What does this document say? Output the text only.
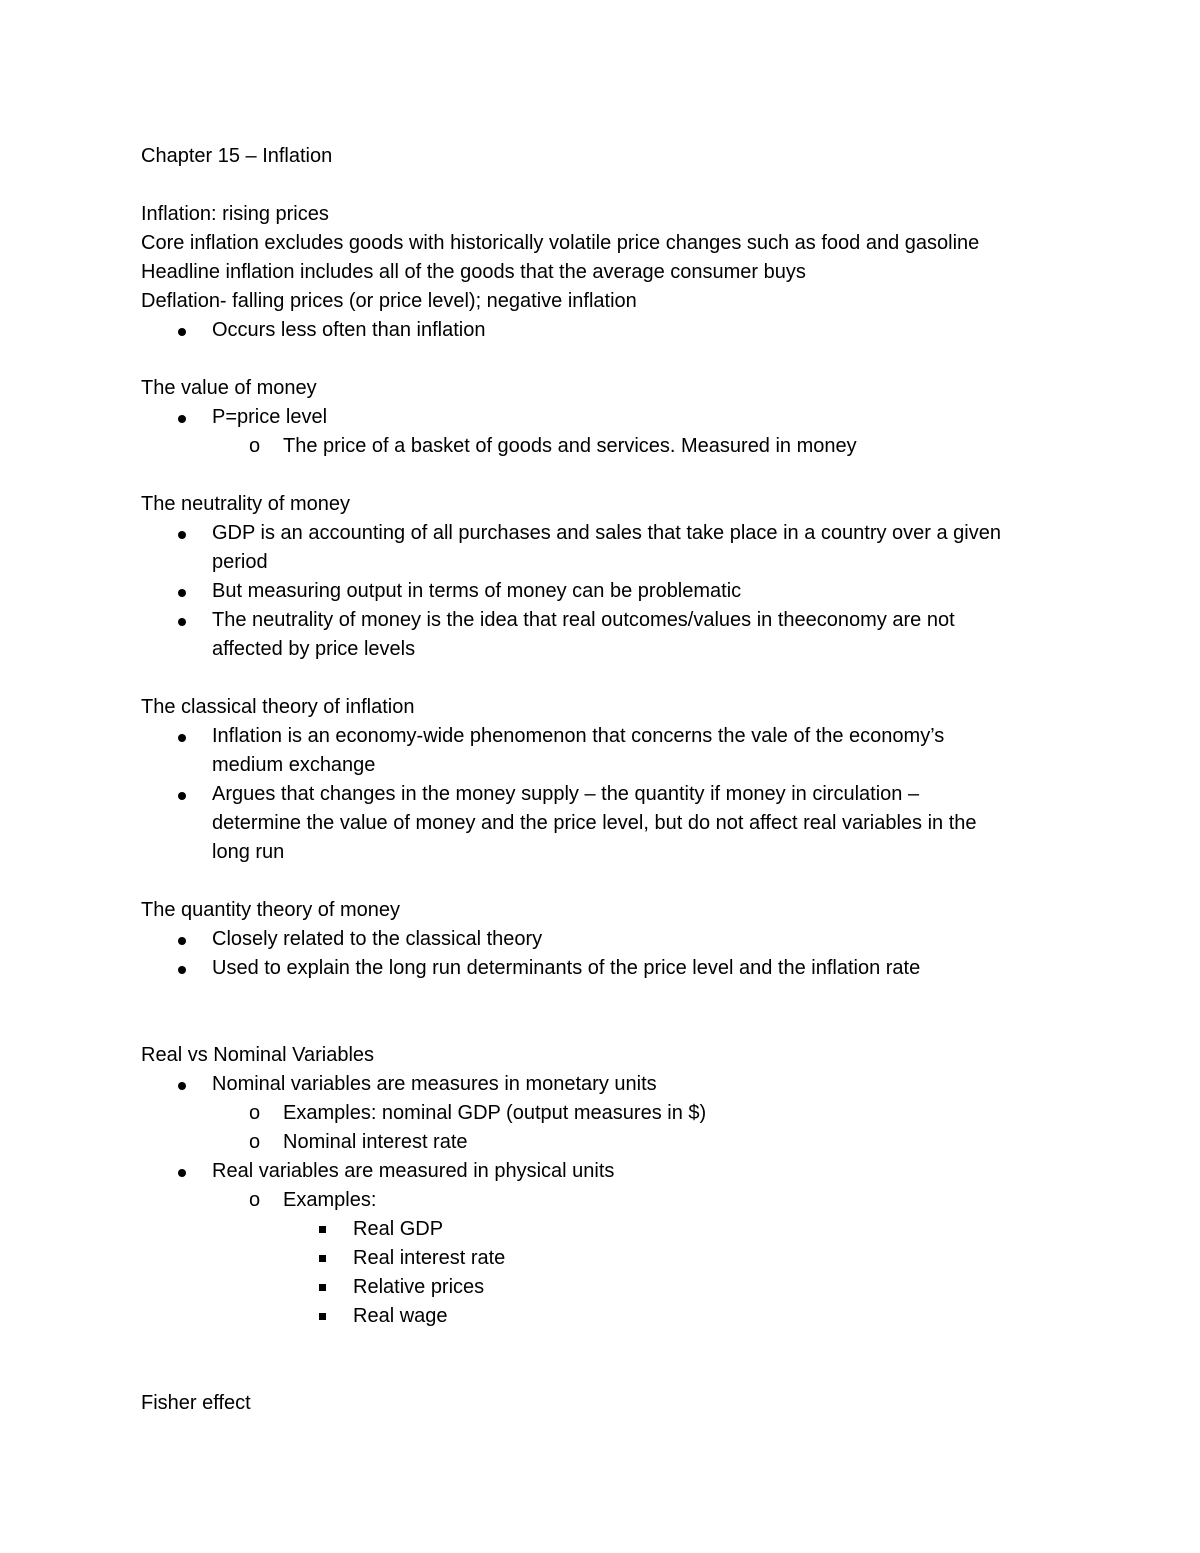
Chapter 15 – Inflation

Inflation: rising prices

Core inflation excludes goods with historically volatile price changes such as food and gasoline

Headline inflation includes all of the goods that the average consumer buys

Deflation- falling prices (or price level); negative inflation

Occurs less often than inflation

The value of money

P=price level
o The price of a basket of goods and services. Measured in money

The neutrality of money

GDP is an accounting of all purchases and sales that take place in a country over a given
period
But measuring output in terms of money can be problematic
The neutrality of money is the idea that real outcomes/values in theeconomy are not
affected by price levels

The classical theory of inflation

Inflation is an economy-wide phenomenon that concerns the vale of the economy’s
medium exchange
Argues that changes in the money supply – the quantity if money in circulation –
determine the value of money and the price level, but do not affect real variables in the
long run

The quantity theory of money

Closely related to the classical theory
Used to explain the long run determinants of the price level and the inflation rate

Real vs Nominal Variables

Nominal variables are measures in monetary units
o Examples: nominal GDP (output measures in $)
o Nominal interest rate
Real variables are measured in physical units
o Examples:
Real GDP
Real interest rate
Relative prices
Real wage

Fisher effect
